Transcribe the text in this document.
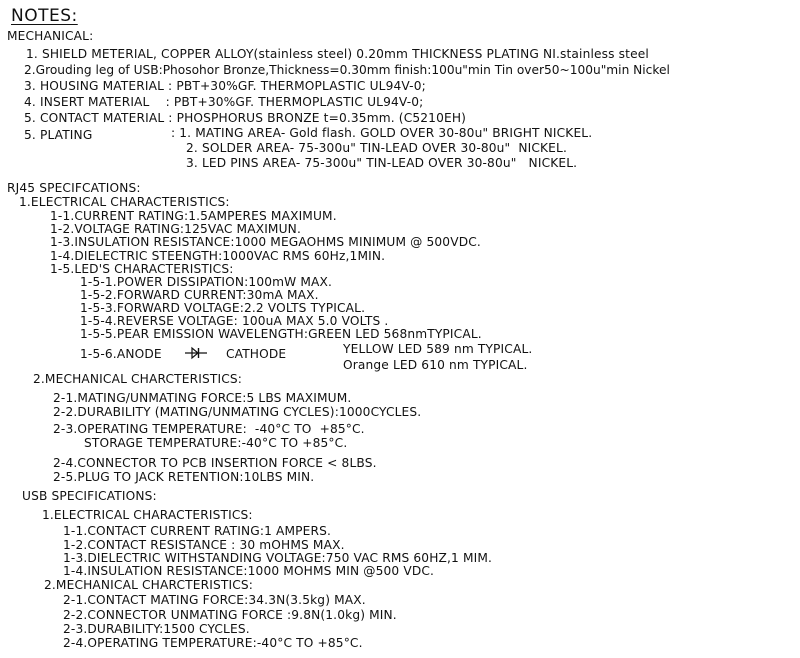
NOTES:
MECHANICAL:
1. SHIELD METERIAL, COPPER ALLOY(stainless steel) 0.20mm THICKNESS PLATING NI.stainless steel
2.Grouding leg of USB:Phosohor Bronze,Thickness=0.30mm finish:100u"min Tin over50~100u"min Nickel
3. HOUSING MATERIAL : PBT+30%GF. THERMOPLASTIC UL94V-0;
4. INSERT MATERIAL    : PBT+30%GF. THERMOPLASTIC UL94V-0;
5. CONTACT MATERIAL : PHOSPHORUS BRONZE t=0.35mm. (C5210EH)
5. PLATING	: 1. MATING AREA- Gold flash. GOLD OVER 30-80u" BRIGHT NICKEL.
2. SOLDER AREA- 75-300u" TIN-LEAD OVER 30-80u"  NICKEL.
3. LED PINS AREA- 75-300u" TIN-LEAD OVER 30-80u"   NICKEL.
RJ45 SPECIFCATIONS:
1.ELECTRICAL CHARACTERISTICS:
1-1.CURRENT RATING:1.5AMPERES MAXIMUM.
1-2.VOLTAGE RATING:125VAC MAXIMUN.
1-3.INSULATION RESISTANCE:1000 MEGAOHMS MINIMUM @ 500VDC.
1-4.DIELECTRIC STEENGTH:1000VAC RMS 60Hz,1MIN.
1-5.LED'S CHARACTERISTICS:
1-5-1.POWER DISSIPATION:100mW MAX.
1-5-2.FORWARD CURRENT:30mA MAX.
1-5-3.FORWARD VOLTAGE:2.2 VOLTS TYPICAL.
1-5-4.REVERSE VOLTAGE: 100uA MAX 5.0 VOLTS .
1-5-5.PEAR EMISSION WAVELENGTH:GREEN LED 568nmTYPICAL.
1-5-6.ANODE	CATHODE	YELLOW LED 589 nm TYPICAL.
Orange LED 610 nm TYPICAL.
2.MECHANICAL CHARCTERISTICS:
2-1.MATING/UNMATING FORCE:5 LBS MAXIMUM.
2-2.DURABILITY (MATING/UNMATING CYCLES):1000CYCLES.
2-3.OPERATING TEMPERATURE:  -40°C TO  +85°C.
STORAGE TEMPERATURE:-40°C TO +85°C.
2-4.CONNECTOR TO PCB INSERTION FORCE < 8LBS.
2-5.PLUG TO JACK RETENTION:10LBS MIN.
USB SPECIFICATIONS:
1.ELECTRICAL CHARACTERISTICS:
1-1.CONTACT CURRENT RATING:1 AMPERS.
1-2.CONTACT RESISTANCE : 30 mOHMS MAX.
1-3.DIELECTRIC WITHSTANDING VOLTAGE:750 VAC RMS 60HZ,1 MIM.
1-4.INSULATION RESISTANCE:1000 MOHMS MIN @500 VDC.
2.MECHANICAL CHARCTERISTICS:
2-1.CONTACT MATING FORCE:34.3N(3.5kg) MAX.
2-2.CONNECTOR UNMATING FORCE :9.8N(1.0kg) MIN.
2-3.DURABILITY:1500 CYCLES.
2-4.OPERATING TEMPERATURE:-40°C TO +85°C.
